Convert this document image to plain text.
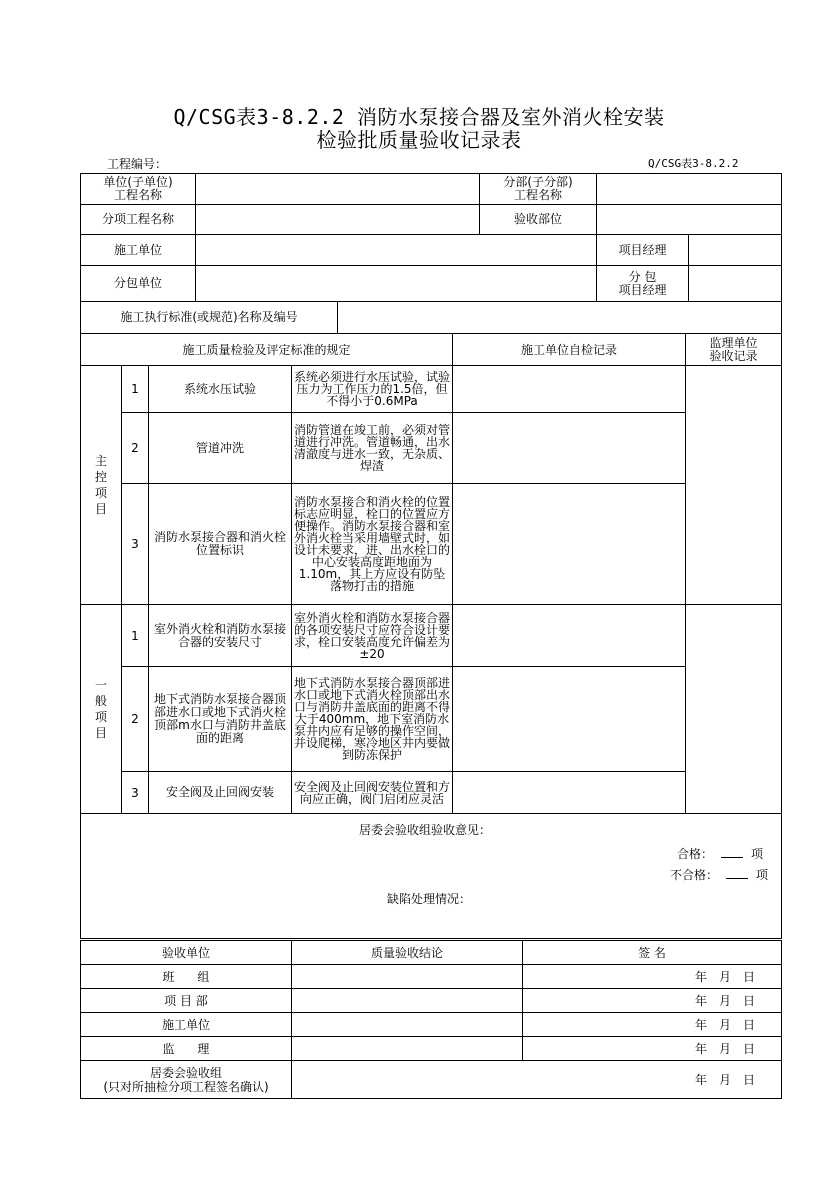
Q/CSG表3-8.2.2 消防水泵接合器及室外消火栓安装
检验批质量验收记录表
工程编号：	Q/CSG表3-8.2.2
单位(子单位)
工程名称			分部(子分部)
工程名称		
分项工程名称			验收部位		
施工单位				项目经理	
分包单位				分 包
项目经理	
施工执行标准(或规范)名称及编号					
施工质量检验及评定标准的规定				施工单位自检记录	监理单位
验收记录

主
控
项
目	1	系统水压试验	系统必须进行水压试验，试验压力为工作压力的1.5倍，但不得小于0.6MPa		
	2	管道冲洗	消防管道在竣工前，必须对管道进行冲洗。管道畅通，出水清澈度与进水一致，无杂质、焊渣		
	3	消防水泵接合器和消火栓位置标识	消防水泵接合和消火栓的位置标志应明显，栓口的位置应方便操作。消防水泵接合器和室外消火栓当采用墙壁式时，如设计未要求，进、出水栓口的中心安装高度距地面为1.10m，其上方应设有防坠落物打击的措施		

一
般
项
目	1	室外消火栓和消防水泵接合器的安装尺寸	室外消火栓和消防水泵接合器的各项安装尺寸应符合设计要求，栓口安装高度允许偏差为±20		
	2	地下式消防水泵接合器顶部进水口或地下式消火栓顶部m水口与消防井盖底面的距离	地下式消防水泵接合器顶部进水口或地下式消火栓顶部出水口与消防井盖底面的距离不得大于400mm，地下室消防水泵井内应有足够的操作空间，并设爬梯，寒冷地区井内要做到防冻保护		
	3	安全阀及止回阀安装	安全阀及止回阀安装位置和方向应正确，阀门启闭应灵活		

居委会验收组验收意见：
合格： 项
不合格： 项
缺陷处理情况：					
验收单位	质量验收结论	签 名
班      组		年 月 日
项 目 部		年 月 日
施工单位		年 月 日
监      理		年 月 日
居委会验收组
(只对所抽检分项工程签名确认)	年 月 日	
